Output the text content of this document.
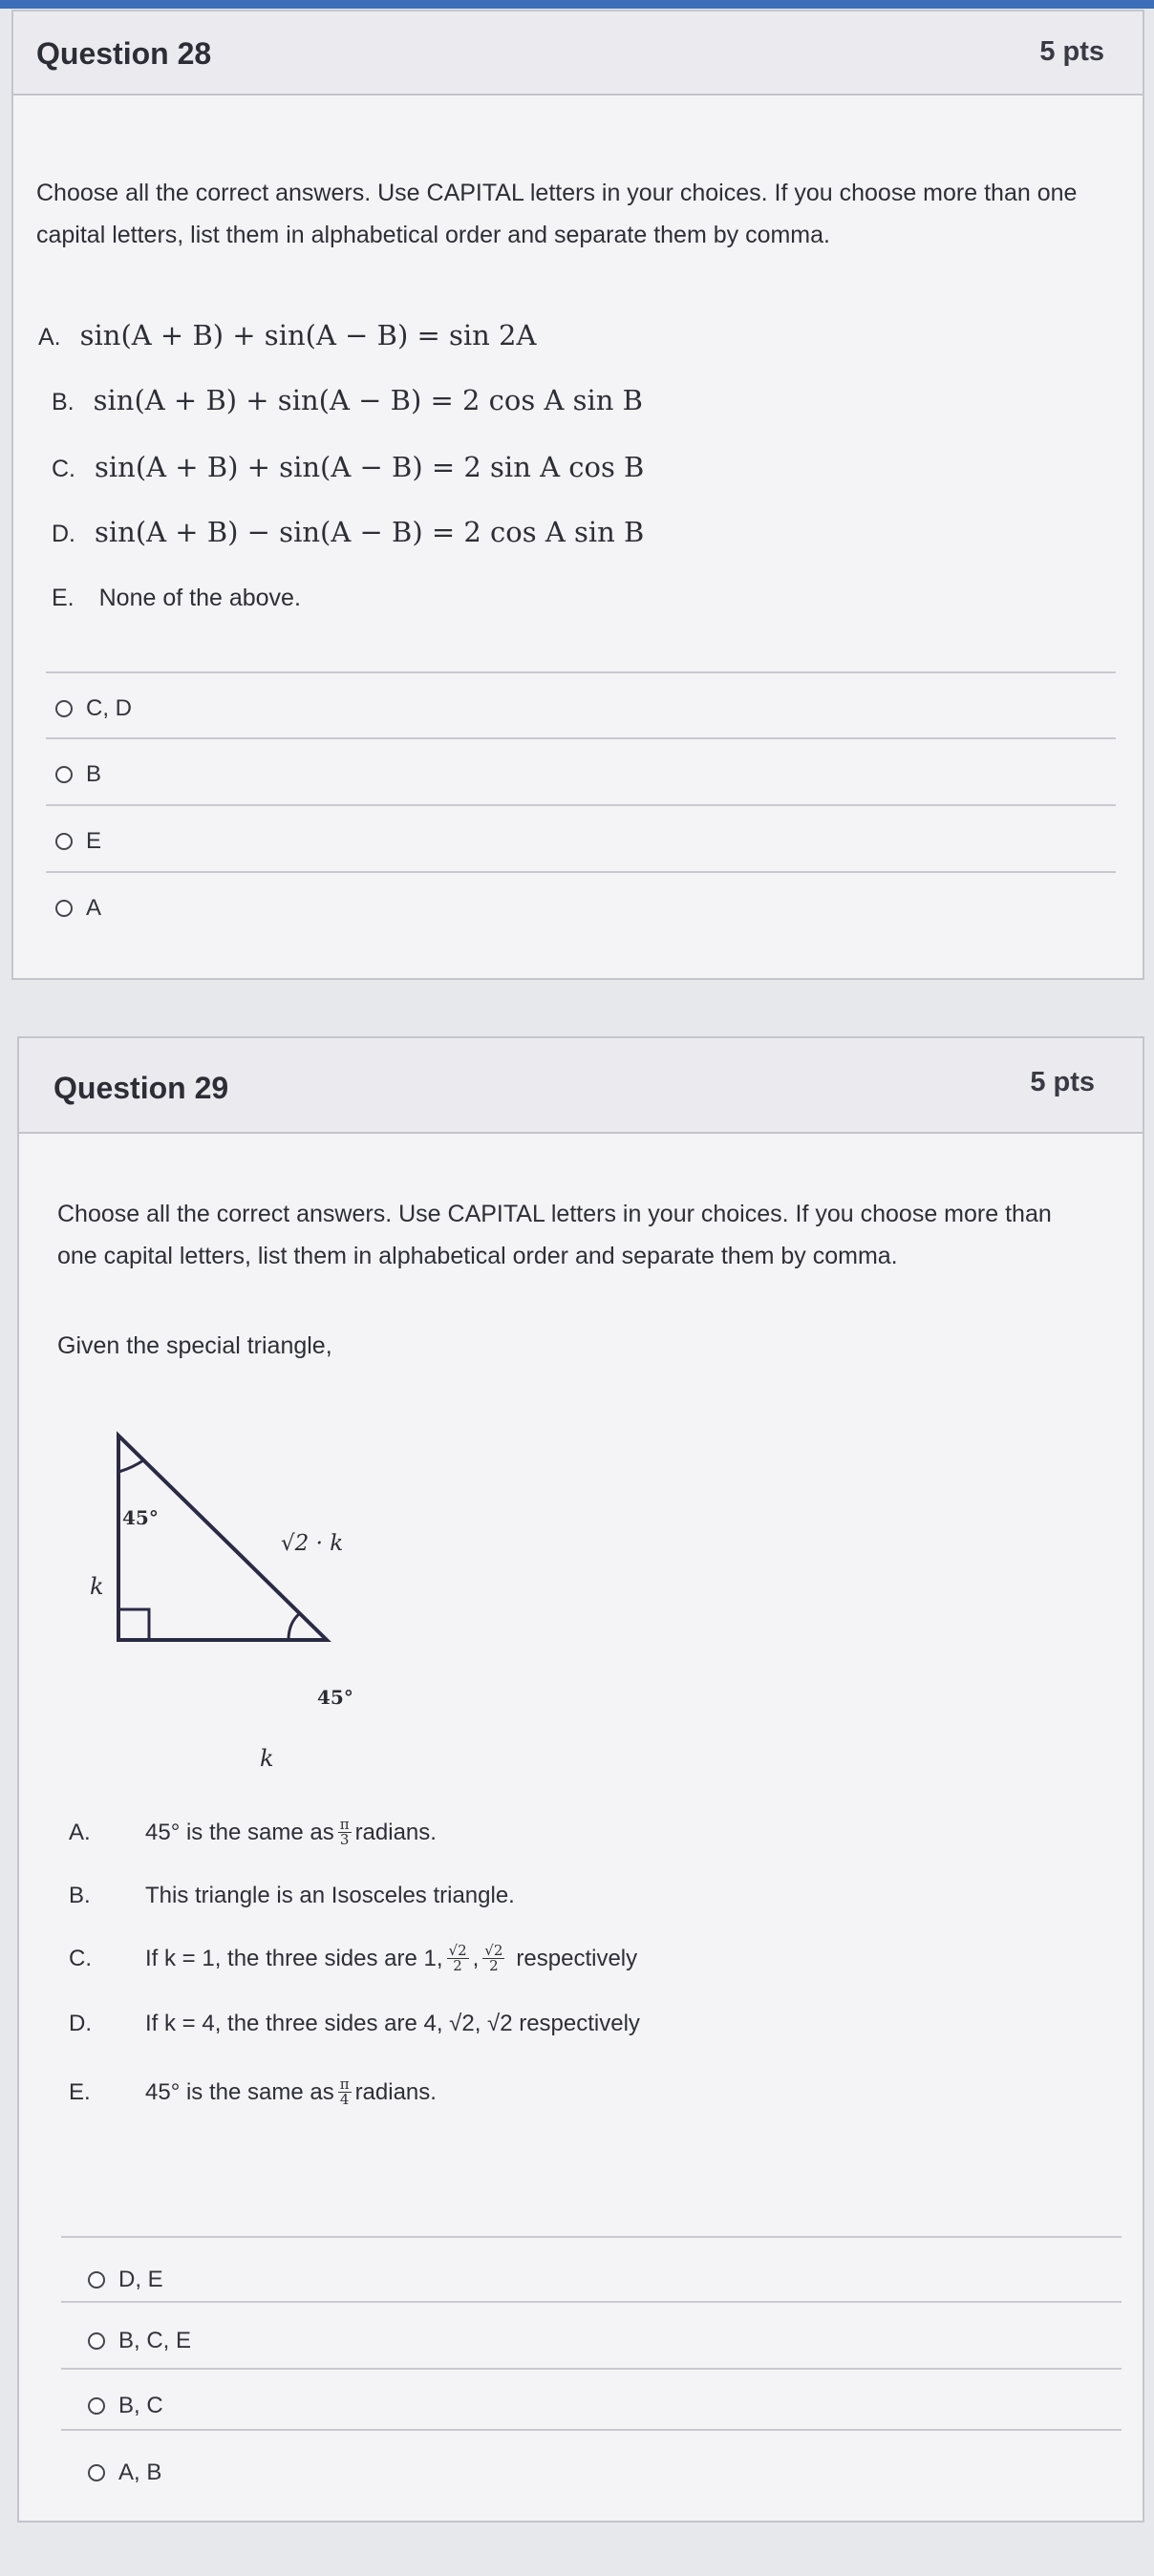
Question 28	5 pts
Choose all the correct answers. Use CAPITAL letters in your choices. If you choose more than one capital letters, list them in alphabetical order and separate them by comma.
A. sin(A + B) + sin(A − B) = sin 2A
B. sin(A + B) + sin(A − B) = 2 cos A sin B
C. sin(A + B) + sin(A − B) = 2 sin A cos B
D. sin(A + B) − sin(A − B) = 2 cos A sin B
E. None of the above.
C, D
B
E
A
Question 29	5 pts
Choose all the correct answers. Use CAPITAL letters in your choices. If you choose more than one capital letters, list them in alphabetical order and separate them by comma.
Given the special triangle,
45°
45°
k
k
√2 · k
A.	45° is the same as $\frac{\pi}{3}$ radians.
B.	This triangle is an Isosceles triangle.
C.	If k = 1, the three sides are 1, $\frac{√2}{2}$ , $\frac{√2}{2}$ respectively
D.	If k = 4, the three sides are 4, √2, √2 respectively
E.	45° is the same as $\frac{\pi}{4}$ radians.
D, E
B, C, E
B, C
A, B
